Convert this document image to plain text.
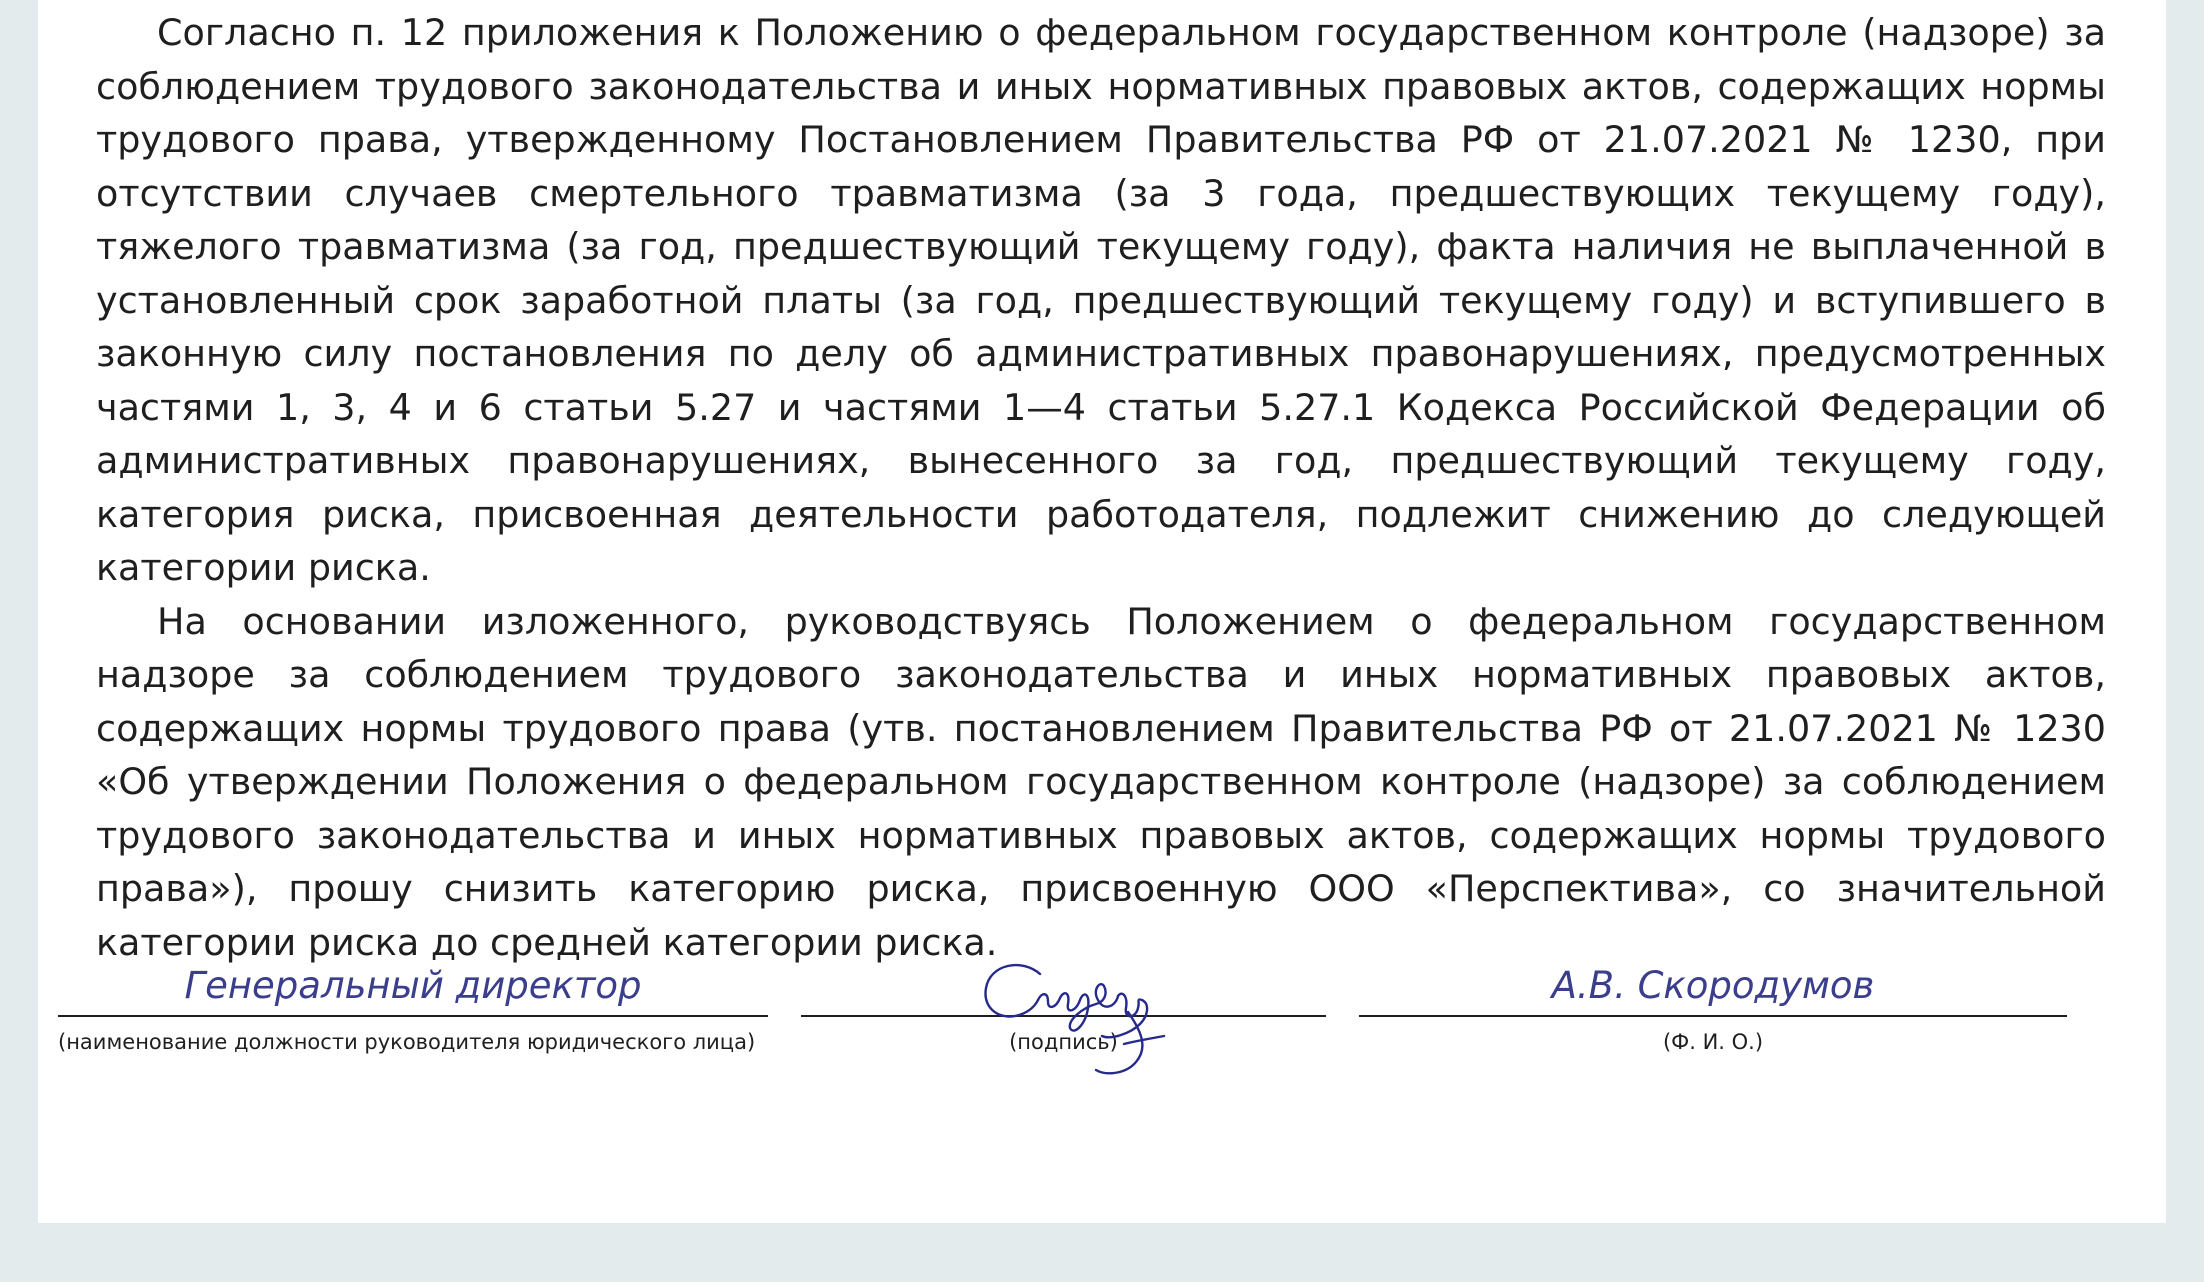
Согласно п. 12 приложения к Положению о федеральном государственном контроле (надзоре) за соблюдением трудового законодательства и иных нормативных правовых актов, содержащих нормы трудового права, утвержденному Постановлением Правительства РФ от 21.07.2021 № 1230, при отсутствии случаев смертельного травматизма (за 3 года, предшествующих текущему году), тяжелого травматизма (за год, предшествующий текущему году), факта наличия не выплаченной в установленный срок заработной платы (за год, предшествующий текущему году) и вступившего в законную силу постановления по делу об административных правонарушениях, предусмотренных частями 1, 3, 4 и 6 статьи 5.27 и частями 1—4 статьи 5.27.1 Кодекса Российской Федерации об административных правонарушениях, вынесенного за год, предшествующий текущему году, категория риска, присвоенная деятельности работодателя, подлежит снижению до следующей категории риска.

На основании изложенного, руководствуясь Положением о федеральном государственном надзоре за соблюдением трудового законодательства и иных нормативных правовых актов, содержащих нормы трудового права (утв. постановлением Правительства РФ от 21.07.2021 № 1230 «Об утверждении Положения о федеральном государственном контроле (надзоре) за соблюдением трудового законодательства и иных нормативных правовых актов, содержащих нормы трудового права»), прошу снизить категорию риска, присвоенную ООО «Перспектива», со значительной категории риска до средней категории риска.

Генеральный директор
(наименование должности руководителя юридического лица)	(подпись)
А.В. Скородумов
(Ф. И. О.)
